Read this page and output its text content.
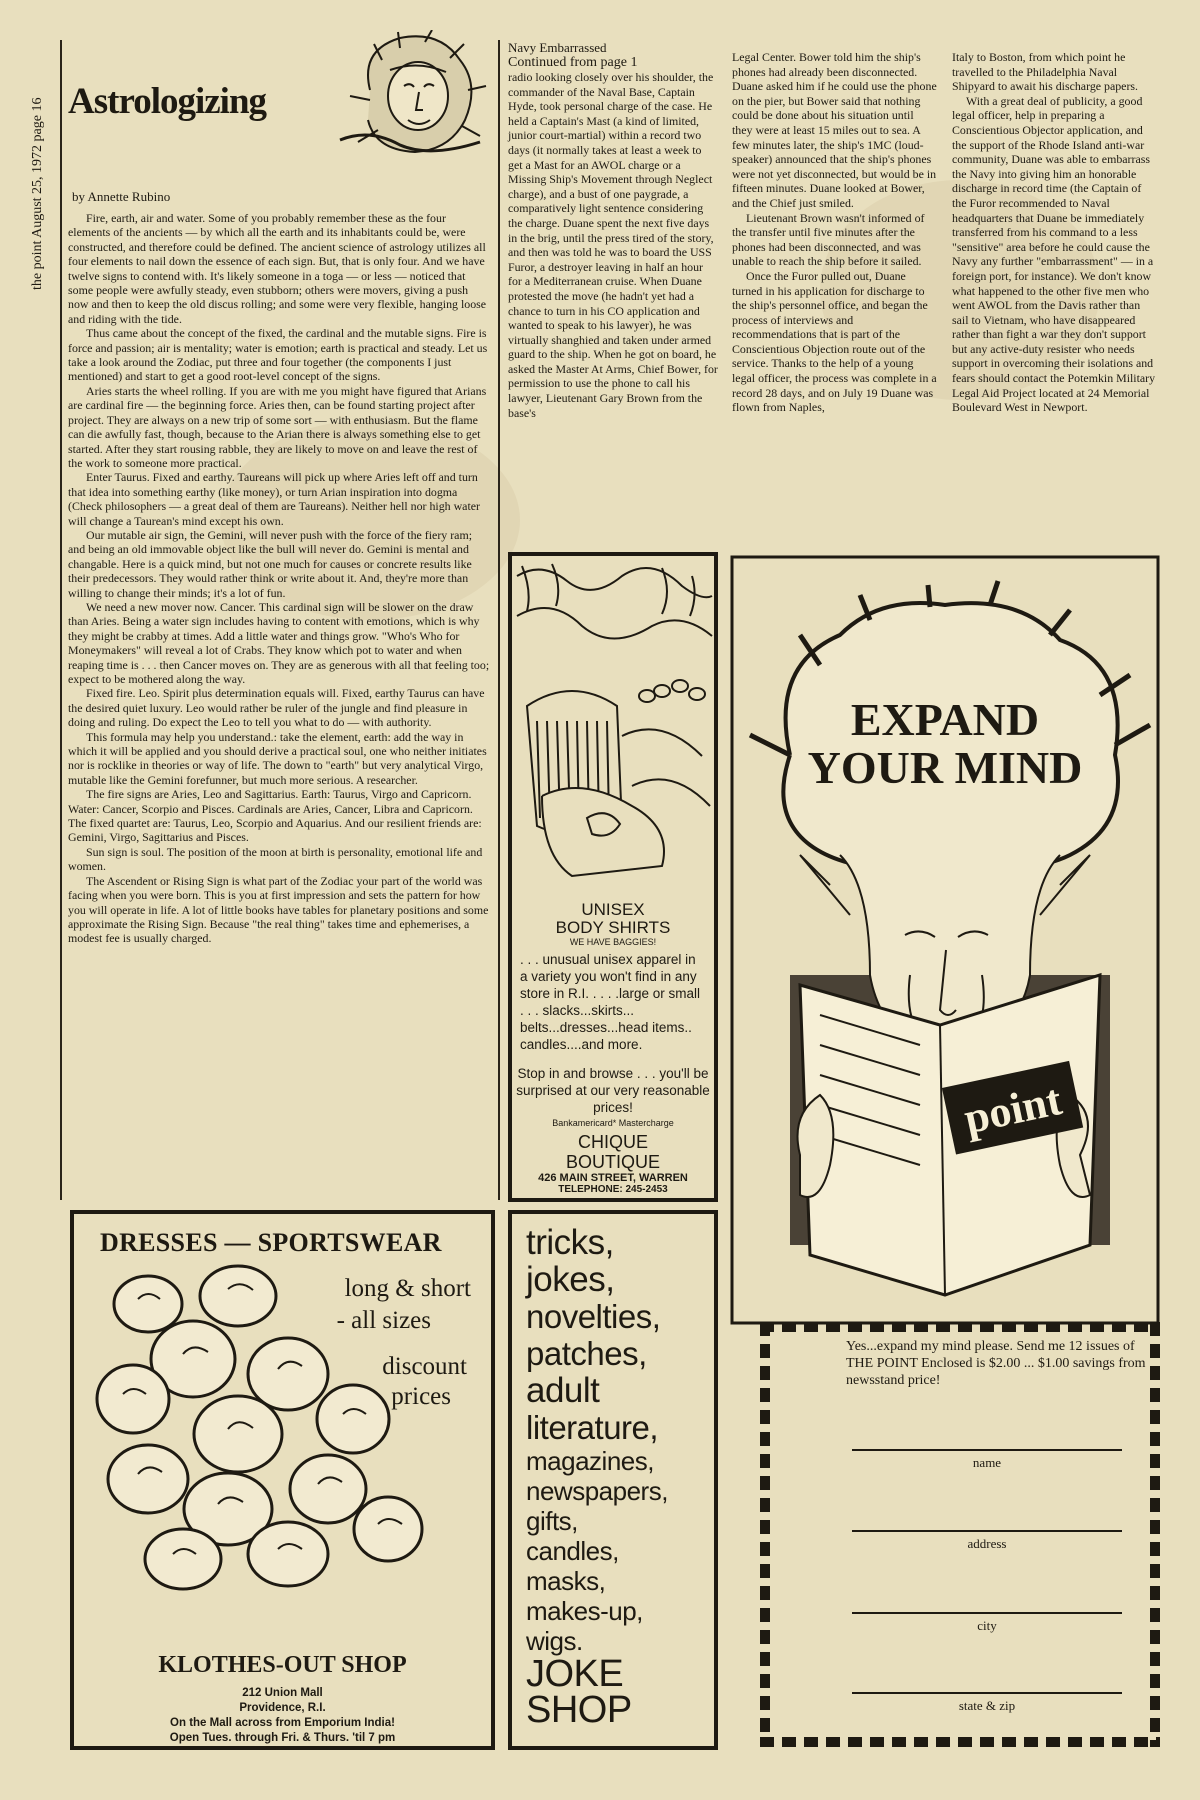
the point August 25, 1972 page 16 Astrologizing
by Annette Rubino

Fire, earth, air and water. Some of you probably remember these as the four elements of the ancients — by which all the earth and its inhabitants could be, were constructed, and therefore could be defined. The ancient science of astrology utilizes all four elements to nail down the essence of each sign. But, that is only four. And we have twelve signs to contend with. It's likely someone in a toga — or less — noticed that some people were awfully steady, even stubborn; others were movers, giving a push now and then to keep the old discus rolling; and some were very flexible, hanging loose and riding with the tide.

Thus came about the concept of the fixed, the cardinal and the mutable signs. Fire is force and passion; air is mentality; water is emotion; earth is practical and steady. Let us take a look around the Zodiac, put three and four together (the components I just mentioned) and start to get a good root-level concept of the signs.

Aries starts the wheel rolling. If you are with me you might have figured that Arians are cardinal fire — the beginning force. Aries then, can be found starting project after project. They are always on a new trip of some sort — with enthusiasm. But the flame can die awfully fast, though, because to the Arian there is always something else to get started. After they start rousing rabble, they are likely to move on and leave the rest of the work to someone more practical.

Enter Taurus. Fixed and earthy. Taureans will pick up where Aries left off and turn that idea into something earthy (like money), or turn Arian inspiration into dogma (Check philosophers — a great deal of them are Taureans). Neither hell nor high water will change a Taurean's mind except his own.

Our mutable air sign, the Gemini, will never push with the force of the fiery ram; and being an old immovable object like the bull will never do. Gemini is mental and changable. Here is a quick mind, but not one much for causes or concrete results like their predecessors. They would rather think or write about it. And, they're more than willing to change their minds; it's a lot of fun.

We need a new mover now. Cancer. This cardinal sign will be slower on the draw than Aries. Being a water sign includes having to content with emotions, which is why they might be crabby at times. Add a little water and things grow. "Who's Who for Moneymakers" will reveal a lot of Crabs. They know which pot to water and when reaping time is . . . then Cancer moves on. They are as generous with all that feeling too; expect to be mothered along the way.

Fixed fire. Leo. Spirit plus determination equals will. Fixed, earthy Taurus can have the desired quiet luxury. Leo would rather be ruler of the jungle and find pleasure in doing and ruling. Do expect the Leo to tell you what to do — with authority.

This formula may help you understand.: take the element, earth: add the way in which it will be applied and you should derive a practical soul, one who neither initiates nor is rocklike in theories or way of life. The down to "earth" but very analytical Virgo, mutable like the Gemini forefunner, but much more serious. A researcher.

The fire signs are Aries, Leo and Sagittarius. Earth: Taurus, Virgo and Capricorn. Water: Cancer, Scorpio and Pisces. Cardinals are Aries, Cancer, Libra and Capricorn. The fixed quartet are: Taurus, Leo, Scorpio and Aquarius. And our resilient friends are: Gemini, Virgo, Sagittarius and Pisces.

Sun sign is soul. The position of the moon at birth is personality, emotional life and women.

The Ascendent or Rising Sign is what part of the Zodiac your part of the world was facing when you were born. This is you at first impression and sets the pattern for how you will operate in life. A lot of little books have tables for planetary positions and some approximate the Rising Sign. Because "the real thing" takes time and ephemerises, a modest fee is usually charged.

Navy Embarrassed
Continued from page 1

radio looking closely over his shoulder, the commander of the Naval Base, Captain Hyde, took personal charge of the case. He held a Captain's Mast (a kind of limited, junior court-martial) within a record two days (it normally takes at least a week to get a Mast for an AWOL charge or a Missing Ship's Movement through Neglect charge), and a bust of one paygrade, a comparatively light sentence considering the charge. Duane spent the next five days in the brig, until the press tired of the story, and then was told he was to board the USS Furor, a destroyer leaving in half an hour for a Mediterranean cruise. When Duane protested the move (he hadn't yet had a chance to turn in his CO application and wanted to speak to his lawyer), he was virtually shanghied and taken under armed guard to the ship. When he got on board, he asked the Master At Arms, Chief Bower, for permission to use the phone to call his lawyer, Lieutenant Gary Brown from the base's

Legal Center. Bower told him the ship's phones had already been disconnected. Duane asked him if he could use the phone on the pier, but Bower said that nothing could be done about his situation until they were at least 15 miles out to sea. A few minutes later, the ship's 1MC (loud-speaker) announced that the ship's phones were not yet disconnected, but would be in fifteen minutes. Duane looked at Bower, and the Chief just smiled.

Lieutenant Brown wasn't informed of the transfer until five minutes after the phones had been disconnected, and was unable to reach the ship before it sailed.

Once the Furor pulled out, Duane turned in his application for discharge to the ship's personnel office, and began the process of interviews and recommendations that is part of the Conscientious Objection route out of the service. Thanks to the help of a young legal officer, the process was complete in a record 28 days, and on July 19 Duane was flown from Naples,

Italy to Boston, from which point he travelled to the Philadelphia Naval Shipyard to await his discharge papers.

With a great deal of publicity, a good legal officer, help in preparing a Conscientious Objector application, and the support of the Rhode Island anti-war community, Duane was able to embarrass the Navy into giving him an honorable discharge in record time (the Captain of the Furor recommended to Naval headquarters that Duane be immediately transferred from his command to a less "sensitive" area before he could cause the Navy any further "embarrassment" — in a foreign port, for instance). We don't know what happened to the other five men who went AWOL from the Davis rather than sail to Vietnam, who have disappeared rather than fight a war they don't support but any active-duty resister who needs support in overcoming their isolations and fears should contact the Potemkin Military Legal Aid Project located at 24 Memorial Boulevard West in Newport.

UNISEX
BODY SHIRTS
WE HAVE BAGGIES!
. . . unusual unisex apparel in a variety you won't find in any store in R.I. . . . .large or small . . . slacks...skirts... belts...dresses...head items.. candles....and more.
Stop in and browse . . . you'll be surprised at our very reasonable prices!
Bankamericard* Mastercharge
CHIQUE
BOUTIQUE
426 MAIN STREET, WARREN
TELEPHONE: 245-2453
point
EXPAND
YOUR MIND
Yes...expand my mind please. Send me 12 issues of THE POINT Enclosed is $2.00 ... $1.00 savings from newsstand price!
name
address
city
state & zip
DRESSES — SPORTSWEAR
long & short
- all sizes
discount
prices
KLOTHES-OUT SHOP
212 Union Mall
Providence, R.I.
On the Mall across from Emporium India!
Open Tues. through Fri. & Thurs. 'til 7 pm
tricks,
jokes,
novelties,
patches,
adult
literature,
magazines,
newspapers,
gifts,
candles,
masks,
makes-up,
wigs.
JOKE
SHOP
